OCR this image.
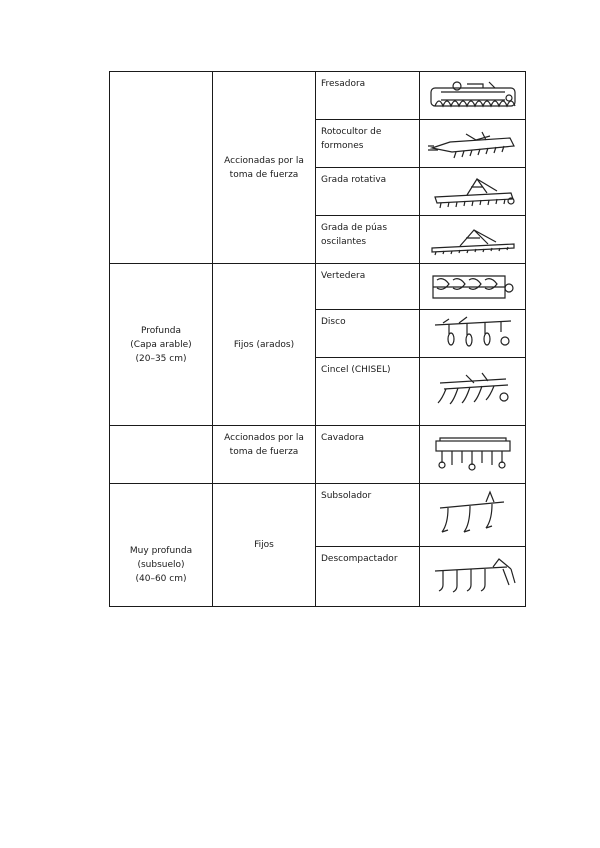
	Accionadas por la
toma de fuerza	Fresadora

		Rotocultor de
formones

		Grada rotativa

		Grada de púas
oscilantes

Profunda
(Capa arable)
(20–35 cm)	Fijos (arados)	Vertedera

		Disco

		Cincel (CHISEL)

	Accionados por la
toma de fuerza	Cavadora

Muy profunda
(subsuelo)
(40–60 cm)	Fijos	Subsolador

		Descompactador
